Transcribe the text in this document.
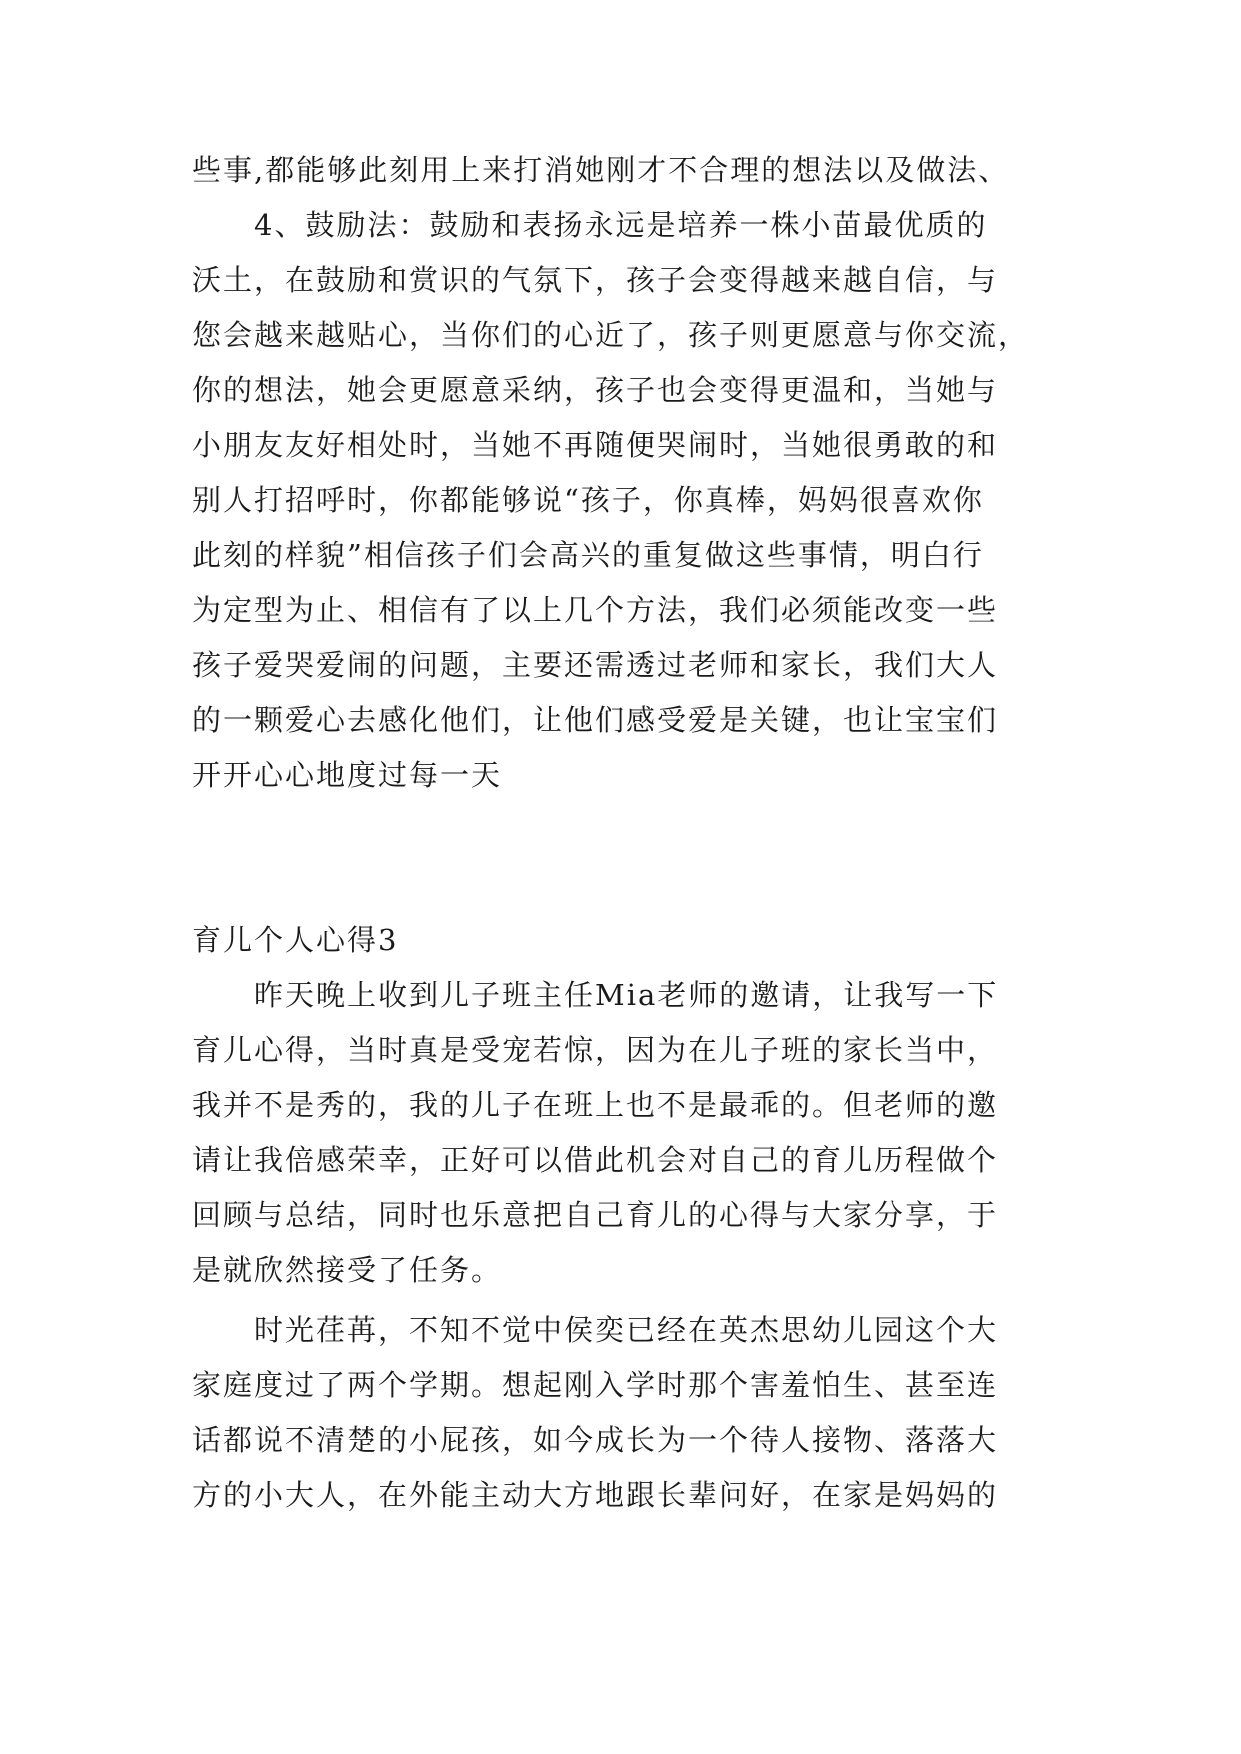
些事,都能够此刻用上来打消她刚才不合理的想法以及做法、
4、鼓励法：鼓励和表扬永远是培养一株小苗最优质的
沃土，在鼓励和赏识的气氛下，孩子会变得越来越自信，与
您会越来越贴心，当你们的心近了，孩子则更愿意与你交流，
你的想法，她会更愿意采纳，孩子也会变得更温和，当她与
小朋友友好相处时，当她不再随便哭闹时，当她很勇敢的和
别人打招呼时，你都能够说“孩子，你真棒，妈妈很喜欢你
此刻的样貌”相信孩子们会高兴的重复做这些事情，明白行
为定型为止、相信有了以上几个方法，我们必须能改变一些
孩子爱哭爱闹的问题，主要还需透过老师和家长，我们大人
的一颗爱心去感化他们，让他们感受爱是关键，也让宝宝们
开开心心地度过每一天
育儿个人心得3
昨天晚上收到儿子班主任Mia老师的邀请，让我写一下
育儿心得，当时真是受宠若惊，因为在儿子班的家长当中，
我并不是秀的，我的儿子在班上也不是最乖的。但老师的邀
请让我倍感荣幸，正好可以借此机会对自己的育儿历程做个
回顾与总结，同时也乐意把自己育儿的心得与大家分享，于
是就欣然接受了任务。
时光荏苒，不知不觉中侯奕已经在英杰思幼儿园这个大
家庭度过了两个学期。想起刚入学时那个害羞怕生、甚至连
话都说不清楚的小屁孩，如今成长为一个待人接物、落落大
方的小大人，在外能主动大方地跟长辈问好，在家是妈妈的
